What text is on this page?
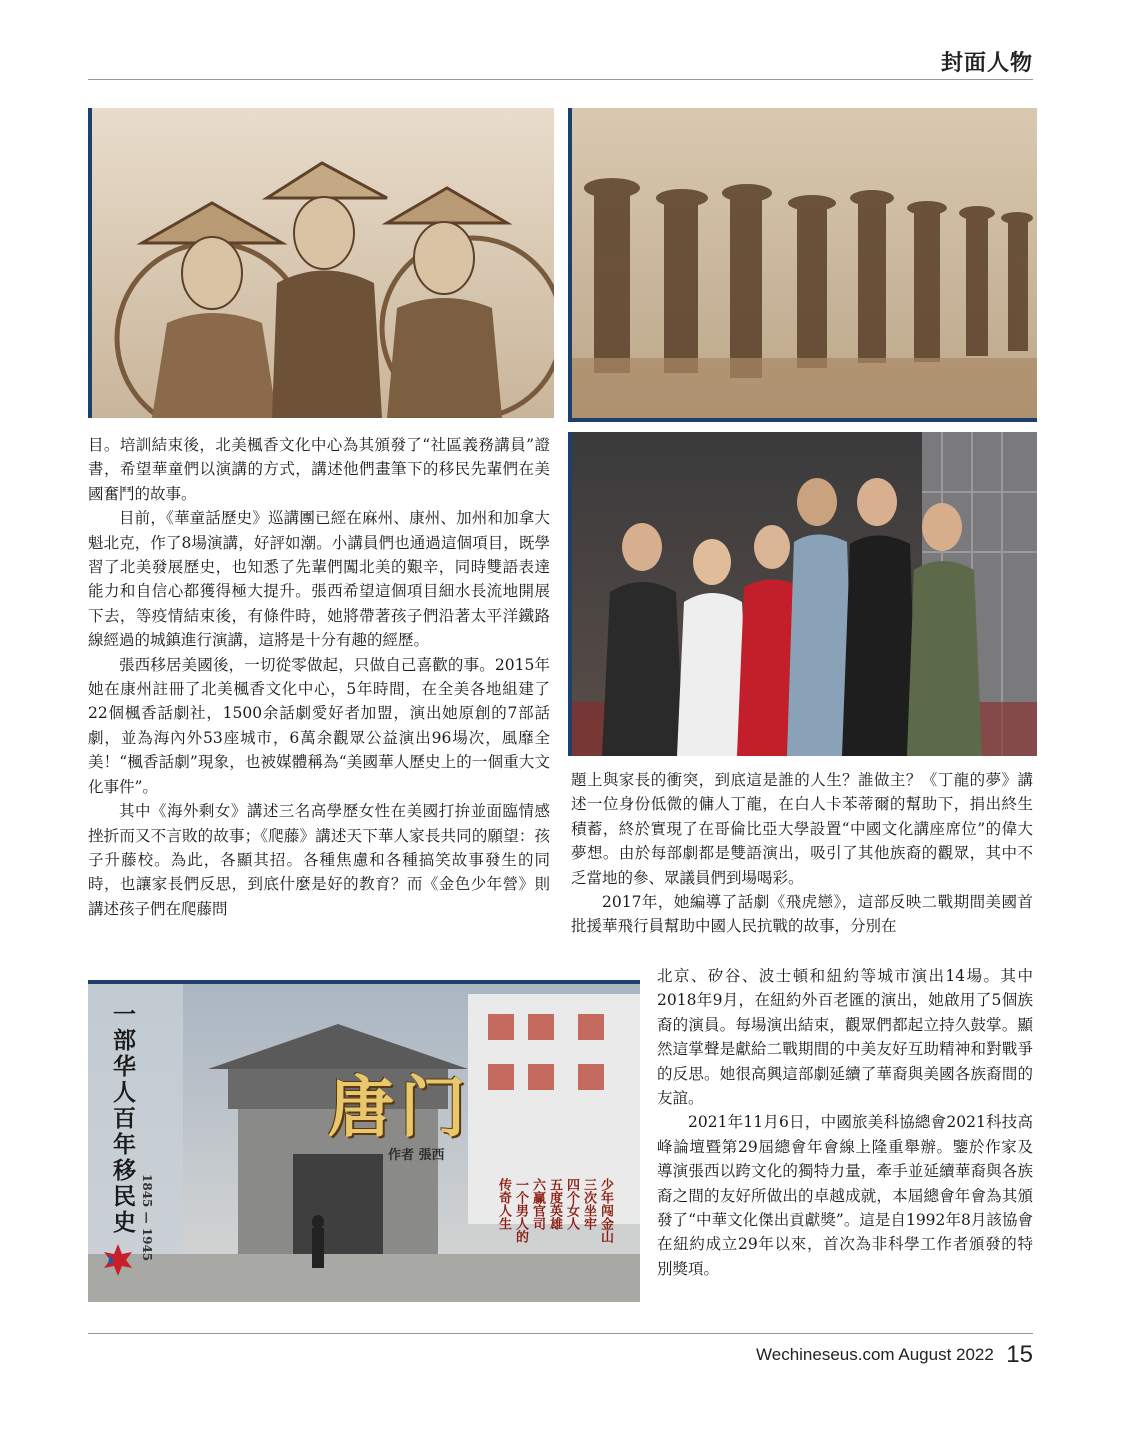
封面人物

目。培訓結束後，北美楓香文化中心為其頒發了“社區義務講員”證書，希望華童們以演講的方式，講述他們畫筆下的移民先輩們在美國奮鬥的故事。

目前，《華童話歷史》巡講團已經在麻州、康州、加州和加拿大魁北克，作了8場演講，好評如潮。小講員們也通過這個項目，既學習了北美發展歷史，也知悉了先輩們闖北美的艱辛，同時雙語表達能力和自信心都獲得極大提升。張西希望這個項目細水長流地開展下去，等疫情結束後，有條件時，她將帶著孩子們沿著太平洋鐵路線經過的城鎮進行演講，這將是十分有趣的經歷。

張西移居美國後，一切從零做起，只做自己喜歡的事。2015年她在康州註冊了北美楓香文化中心，5年時間，在全美各地組建了22個楓香話劇社，1500余話劇愛好者加盟，演出她原創的7部話劇，並為海內外53座城市，6萬余觀眾公益演出96場次，風靡全美！“楓香話劇”現象，也被媒體稱為“美國華人歷史上的一個重大文化事件”。

其中《海外剩女》講述三名高學歷女性在美國打拚並面臨情感挫折而又不言敗的故事；《爬藤》講述天下華人家長共同的願望：孩子升藤校。為此，各顯其招。各種焦慮和各種搞笑故事發生的同時，也讓家長們反思，到底什麼是好的教育？而《金色少年營》則講述孩子們在爬藤問

題上與家長的衝突，到底這是誰的人生？誰做主？《丁龍的夢》講述一位身份低微的傭人丁龍，在白人卡苯蒂爾的幫助下，捐出終生積蓄，終於實現了在哥倫比亞大學設置“中國文化講座席位”的偉大夢想。由於每部劇都是雙語演出，吸引了其他族裔的觀眾，其中不乏當地的參、眾議員們到場喝彩。

2017年，她編導了話劇《飛虎戀》，這部反映二戰期間美國首批援華飛行員幫助中國人民抗戰的故事，分別在

一部华人百年移民史 1845 — 1945
唐门
作者 張西
少年闯金山
三次坐牢
四个女人
五度英雄
六赢官司
一个男人的
传奇人生

北京、矽谷、波士頓和紐約等城市演出14場。其中2018年9月，在紐約外百老匯的演出，她啟用了5個族裔的演員。每場演出結束，觀眾們都起立持久鼓掌。顯然這掌聲是獻給二戰期間的中美友好互助精神和對戰爭的反思。她很高興這部劇延續了華裔與美國各族裔間的友誼。

2021年11月6日，中國旅美科協總會2021科技高峰論壇暨第29屆總會年會線上隆重舉辦。鑒於作家及導演張西以跨文化的獨特力量，牽手並延續華裔與各族裔之間的友好所做出的卓越成就，本屆總會年會為其頒發了“中華文化傑出貢獻獎”。這是自1992年8月該協會在紐約成立29年以來，首次為非科學工作者頒發的特別獎項。

Wechineseus.com August 2022 15
